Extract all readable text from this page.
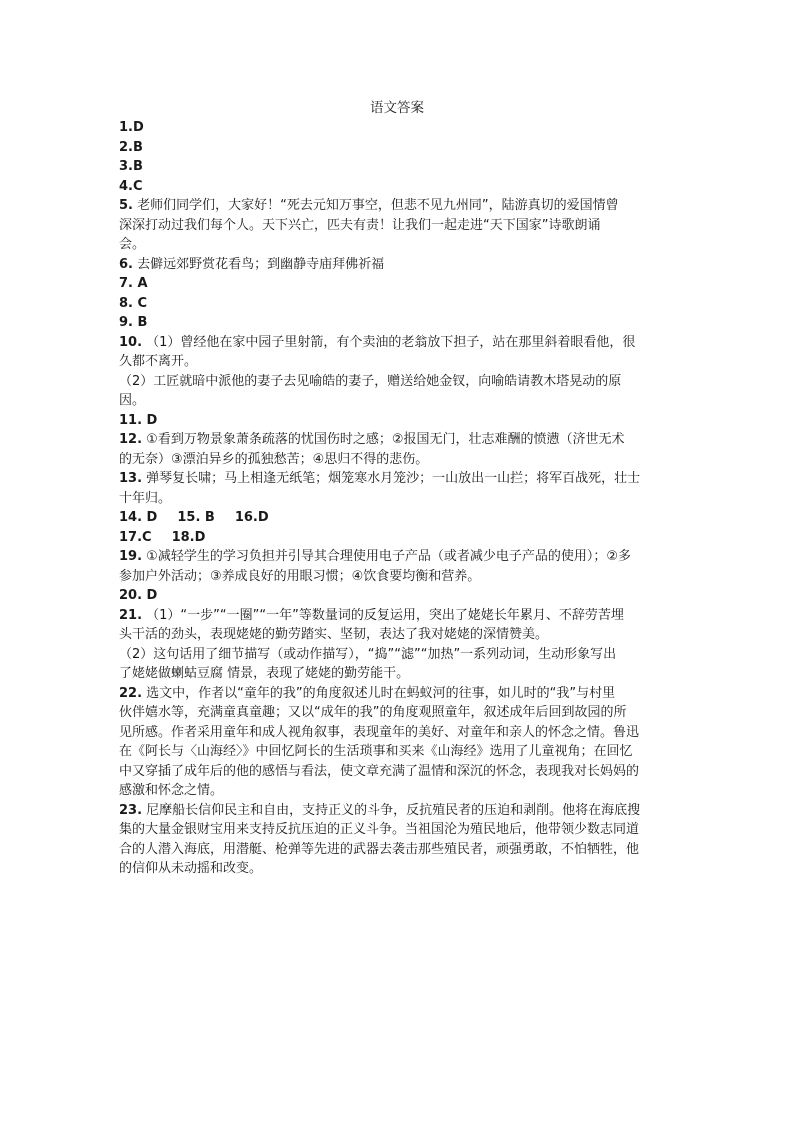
语文答案
1.D
2.B
3.B
4.C
5. 老师们同学们，大家好！“死去元知万事空，但悲不见九州同”，陆游真切的爱国情曾
深深打动过我们每个人。天下兴亡，匹夫有责！让我们一起走进“天下国家”诗歌朗诵
会。
6. 去僻远郊野赏花看鸟；到幽静寺庙拜佛祈福
7. A
8. C
9. B
10. （1）曾经他在家中园子里射箭，有个卖油的老翁放下担子，站在那里斜着眼看他，很
久都不离开。
（2）工匠就暗中派他的妻子去见喻皓的妻子，赠送给她金钗，向喻皓请教木塔晃动的原
因。
11. D
12. ①看到万物景象萧条疏落的忧国伤时之感；②报国无门，壮志难酬的愤懑（济世无术
的无奈）③漂泊异乡的孤独愁苦；④思归不得的悲伤。
13. 弹琴复长啸；马上相逢无纸笔；烟笼寒水月笼沙；一山放出一山拦；将军百战死，壮士
十年归。
14. D 15. B 16.D
17.C 18.D
19. ①减轻学生的学习负担并引导其合理使用电子产品（或者减少电子产品的使用）；②多
参加户外活动；③养成良好的用眼习惯；④饮食要均衡和营养。
20. D
21. （1）“一步”“一圈”“一年”等数量词的反复运用，突出了姥姥长年累月、不辞劳苦埋
头干活的劲头，表现姥姥的勤劳踏实、坚韧，表达了我对姥姥的深情赞美。
（2）这句话用了细节描写（或动作描写），“捣”“滤”“加热”一系列动词，生动形象写出
了姥姥做蝲蛄豆腐 情景，表现了姥姥的勤劳能干。
22. 选文中，作者以“童年的我”的角度叙述儿时在蚂蚁河的往事，如儿时的“我”与村里
伙伴嬉水等，充满童真童趣；又以“成年的我”的角度观照童年，叙述成年后回到故园的所
见所感。作者采用童年和成人视角叙事，表现童年的美好、对童年和亲人的怀念之情。鲁迅
在《阿长与〈山海经〉》中回忆阿长的生活琐事和买来《山海经》选用了儿童视角；在回忆
中又穿插了成年后的他的感悟与看法，使文章充满了温情和深沉的怀念，表现我对长妈妈的
感激和怀念之情。
23. 尼摩船长信仰民主和自由，支持正义的斗争，反抗殖民者的压迫和剥削。他将在海底搜
集的大量金银财宝用来支持反抗压迫的正义斗争。当祖国沦为殖民地后，他带领少数志同道
合的人潜入海底，用潜艇、枪弹等先进的武器去袭击那些殖民者，顽强勇敢，不怕牺牲，他
的信仰从未动摇和改变。
